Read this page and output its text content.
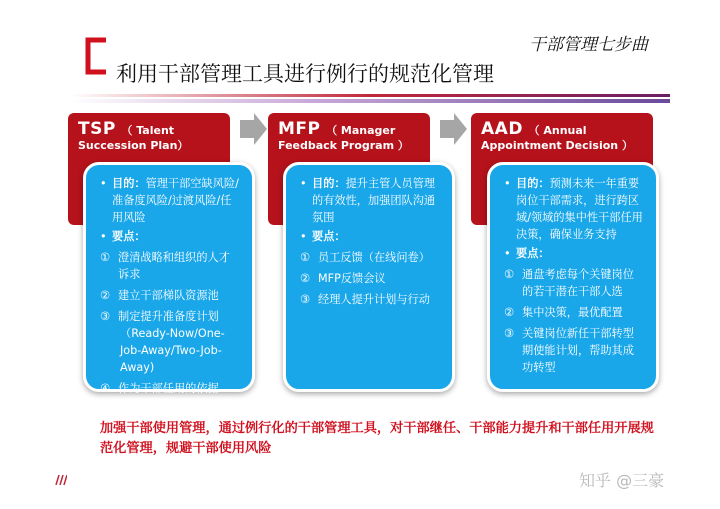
干部管理七步曲
利用干部管理工具进行例行的规范化管理
TSP （ Talent
Succession Plan）
• 目的：管理干部空缺风险/准备度风险/过渡风险/任用风险

• 要点：

① 澄清战略和组织的人才诉求
② 建立干部梯队资源池
③ 制定提升准备度计划
（Ready-Now/One-Job-Away/Two-Job-Away)
④ 作为干部任用的依据
MFP （ Manager
Feedback Program ）
• 目的：提升主管人员管理的有效性，加强团队沟通氛围

• 要点：

① 员工反馈（在线问卷）
② MFP反馈会议
③ 经理人提升计划与行动
AAD （ Annual
Appointment Decision ）
• 目的：预测未来一年重要岗位干部需求，进行跨区域/领域的集中性干部任用决策，确保业务支持

• 要点：

① 通盘考虑每个关键岗位的若干潜在干部人选
② 集中决策，最优配置
③ 关键岗位新任干部转型期使能计划，帮助其成功转型
加强干部使用管理，通过例行化的干部管理工具，对干部继任、干部能力提升和干部任用开展规范化管理，规避干部使用风险
知乎 @三豪
